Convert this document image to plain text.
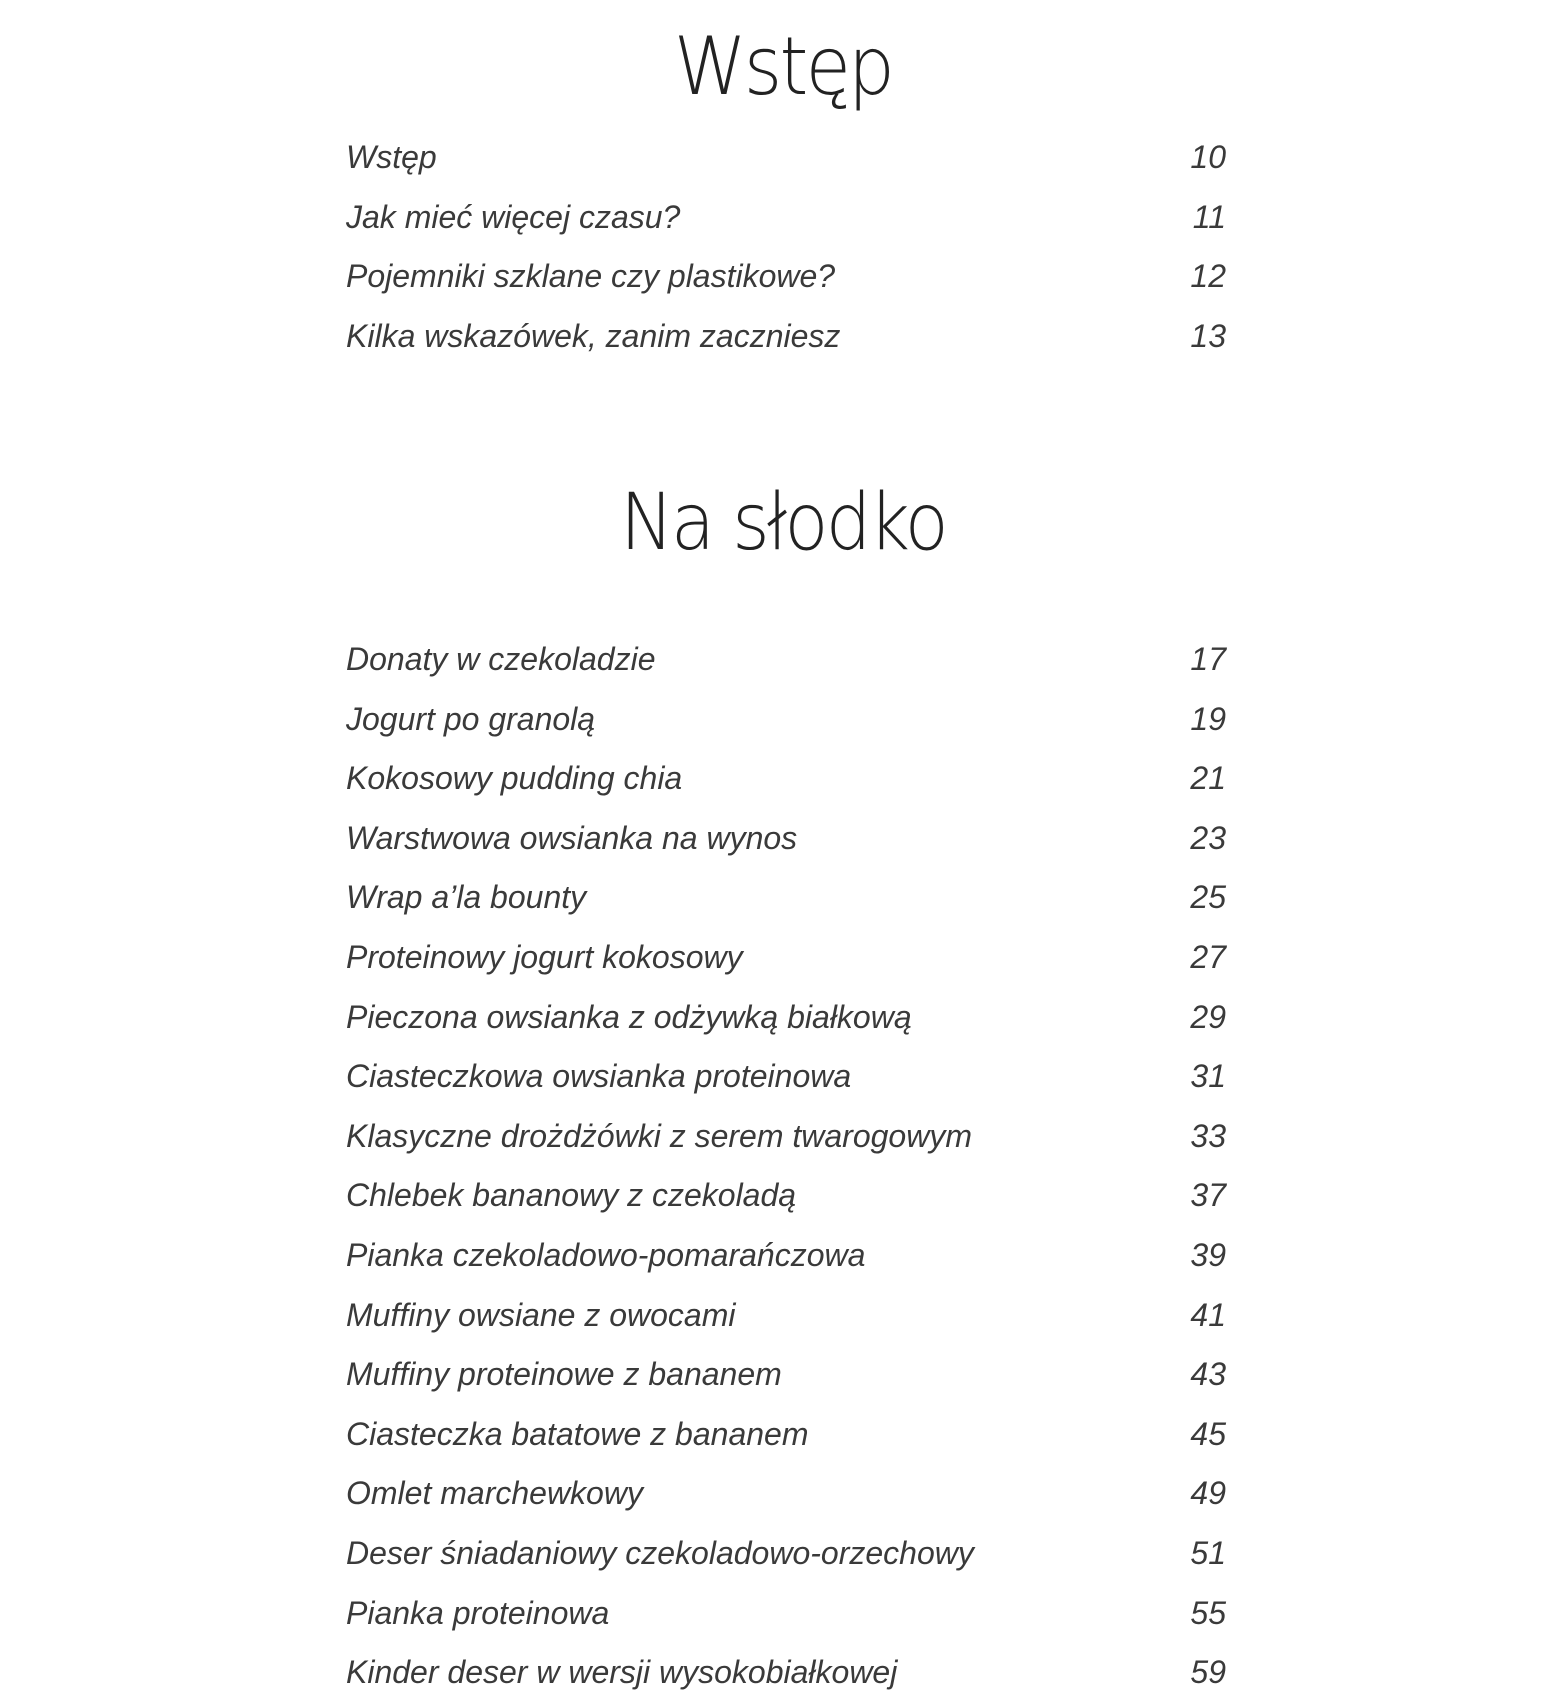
Wstęp
Wstęp	10
Jak mieć więcej czasu?	11
Pojemniki szklane czy plastikowe?	12
Kilka wskazówek, zanim zaczniesz	13
Na słodko
Donaty w czekoladzie	17
Jogurt po granolą	19
Kokosowy pudding chia	21
Warstwowa owsianka na wynos	23
Wrap a’la bounty	25
Proteinowy jogurt kokosowy	27
Pieczona owsianka z odżywką białkową	29
Ciasteczkowa owsianka proteinowa	31
Klasyczne drożdżówki z serem twarogowym	33
Chlebek bananowy z czekoladą	37
Pianka czekoladowo-pomarańczowa	39
Muffiny owsiane z owocami	41
Muffiny proteinowe z bananem	43
Ciasteczka batatowe z bananem	45
Omlet marchewkowy	49
Deser śniadaniowy czekoladowo-orzechowy	51
Pianka proteinowa	55
Kinder deser w wersji wysokobiałkowej	59
